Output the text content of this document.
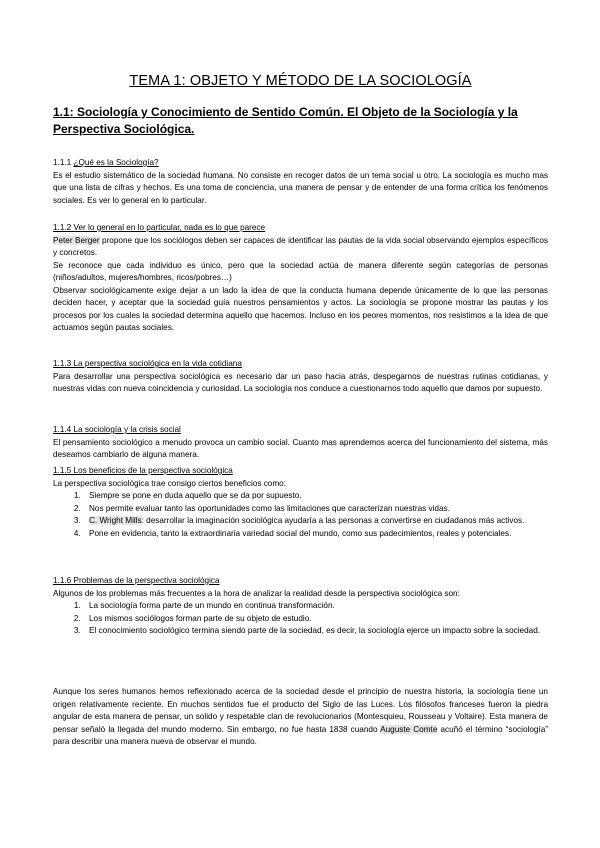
TEMA 1: OBJETO Y MÉTODO DE LA SOCIOLOGÍA
1.1: Sociología y Conocimiento de Sentido Común. El Objeto de la Sociología y la Perspectiva Sociológica.
1.1.1 ¿Qué es la Sociología?
Es el estudio sistemático de la sociedad humana. No consiste en recoger datos de un tema social u otro. La sociología es mucho mas que una lista de cifras y hechos. Es una toma de conciencia, una manera de pensar y de entender de una forma crítica los fenómenos sociales. Es ver lo general en lo particular.
1.1.2 Ver lo general en lo particular, nada es lo que parece
Peter Berger propone que los sociólogos deben ser capaces de identificar las pautas de la vida social observando ejemplos específicos y concretos.
Se reconoce que cada individuo es único, pero que la sociedad actúa de manera diferente según categorías de personas (niños/adultos, mujeres/hombres, ricos/pobres…)
Observar sociológicamente exige dejar a un lado la idea de que la conducta humana depende únicamente de lo que las personas deciden hacer, y aceptar que la sociedad guía nuestros pensamientos y actos. La sociología se propone mostrar las pautas y los procesos por los cuales la sociedad determina aquello que hacemos. Incluso en los peores momentos, nos resistimos a la idea de que actuamos según pautas sociales.
1.1.3 La perspectiva sociológica en la vida cotidiana
Para desarrollar una perspectiva sociológica es necesario dar un paso hacia atrás, despegarnos de nuestras rutinas cotidianas, y nuestras vidas con nueva coincidencia y curiosidad. La sociología nos conduce a cuestionarnos todo aquello que damos por supuesto.
1.1.4 La sociología y la crisis social
El pensamiento sociológico a menudo provoca un cambio social. Cuanto mas aprendemos acerca del funcionamiento del sistema, más deseamos cambiarlo de alguna manera.
1.1.5 Los beneficios de la perspectiva sociológica
La perspectiva sociológica trae consigo ciertos beneficios como:
1. Siempre se pone en duda aquello que se da por supuesto.
2. Nos permite evaluar tanto las oportunidades como las limitaciones que caracterizan nuestras vidas.
3. C. Wright Mills: desarrollar la imaginación sociológica ayudaría a las personas a convertirse en ciudadanos más activos.
4. Pone en evidencia, tanto la extraordinaria variedad social del mundo, como sus padecimientos, reales y potenciales.
1.1.6 Problemas de la perspectiva sociológica
Algunos de los problemas más frecuentes a la hora de analizar la realidad desde la perspectiva sociológica son:
1. La sociología forma parte de un mundo en continua transformación.
2. Los mismos sociólogos forman parte de su objeto de estudio.
3. El conocimiento sociológico termina siendo parte de la sociedad, es decir, la sociología ejerce un impacto sobre la sociedad.
Aunque los seres humanos hemos reflexionado acerca de la sociedad desde el principio de nuestra historia, la sociología tiene un origen relativamente reciente. En muchos sentidos fue el producto del Siglo de las Luces. Los filósofos franceses fueron la piedra angular de esta manera de pensar, un solido y respetable clan de revolucionarios (Montesquieu, Rousseau y Voltaire). Esta manera de pensar señaló la llegada del mundo moderno. Sin embargo, no fue hasta 1838 cuando Auguste Comte acuñó el término “sociología” para describir una manera nueva de observar el mundo.
